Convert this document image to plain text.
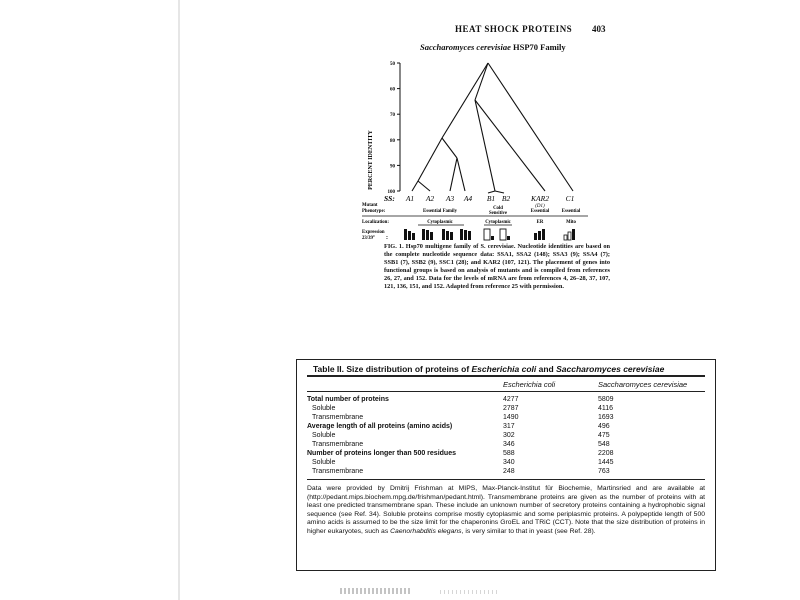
HEAT SHOCK PROTEINS 403
Saccharomyces cerevisiae HSP70 Family
PERCENT IDENTITY
50
60
70
80
90
100
SS: A1 A2 A3 A4 B1 B2	KAR2 C1
(D1)
Mutant
Phenotype:	Essential Family
Cold
Sensitive	Essential	Essential
Localization:	Cytoplasmic	Cytoplasmic	ER	Mito
Expression
23/39° :
FIG. 1. Hsp70 multigene family of S. cerevisiae. Nucleotide identities are based on the complete nucleotide sequence data: SSA1, SSA2 (148); SSA3 (9); SSA4 (7); SSB1 (7), SSB2 (9), SSC1 (28); and KAR2 (107, 121). The placement of genes into functional groups is based on analysis of mutants and is compiled from references 26, 27, and 152. Data for the levels of mRNA are from references 4, 26–28, 37, 107, 121, 136, 151, and 152. Adapted from reference 25 with permission.
Table II. Size distribution of proteins of Escherichia coli and Saccharomyces cerevisiae
Escherichia coli	Saccharomyces cerevisiae
Total number of proteins	4277	5809
Soluble	2787	4116
Transmembrane	1490	1693
Average length of all proteins (amino acids)	317	496
Soluble	302	475
Transmembrane	346	548
Number of proteins longer than 500 residues	588	2208
Soluble	340	1445
Transmembrane	248	763
Data were provided by Dmitrij Frishman at MIPS, Max-Planck-Institut für Biochemie, Martinsried and are available at (http://pedant.mips.biochem.mpg.de/frishman/pedant.html). Transmembrane proteins are given as the number of proteins with at least one predicted transmembrane span. These include an unknown number of secretory proteins containing a hydrophobic signal sequence (see Ref. 34). Soluble proteins comprise mostly cytoplasmic and some periplasmic proteins. A polypeptide length of 500 amino acids is assumed to be the size limit for the chaperonins GroEL and TRiC (CCT). Note that the size distribution of proteins in higher eukaryotes, such as Caenorhabditis elegans, is very similar to that in yeast (see Ref. 28).
